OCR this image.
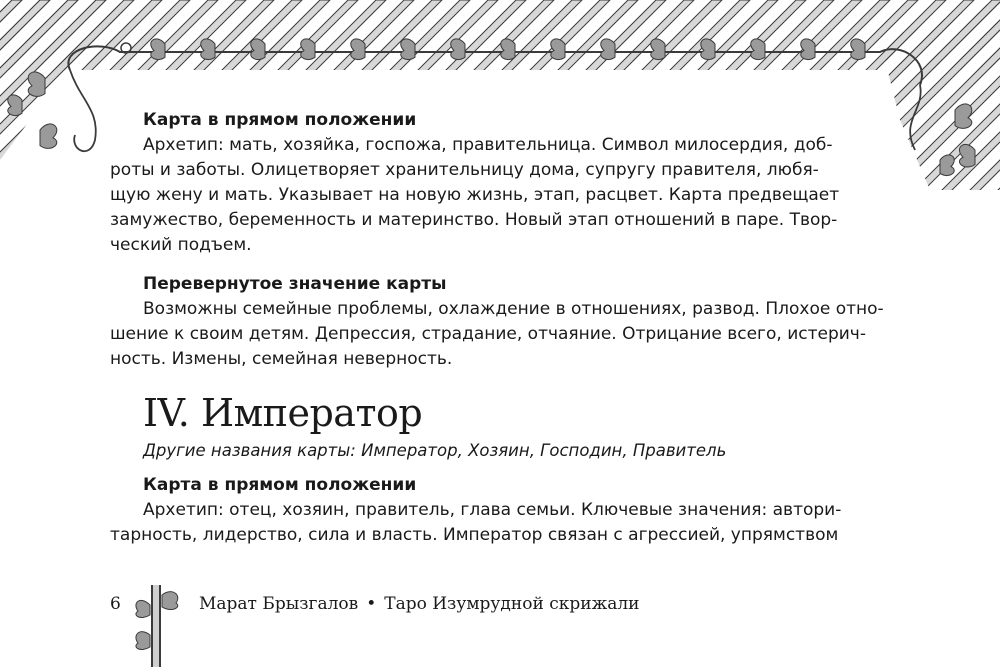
Карта в прямом положении
Архетип: мать, хозяйка, госпожа, правительница. Символ милосердия, доб-
роты и заботы. Олицетворяет хранительницу дома, супругу правителя, любя-
щую жену и мать. Указывает на новую жизнь, этап, расцвет. Карта предвещает
замужество, беременность и материнство. Новый этап отношений в паре. Твор-
ческий подъем.
Перевернутое значение карты
Возможны семейные проблемы, охлаждение в отношениях, развод. Плохое отно-
шение к своим детям. Депрессия, страдание, отчаяние. Отрицание всего, истерич-
ность. Измены, семейная неверность.
IV. Император
Другие названия карты: Император, Хозяин, Господин, Правитель
Карта в прямом положении
Архетип: отец, хозяин, правитель, глава семьи. Ключевые значения: автори-
тарность, лидерство, сила и власть. Император связан с агрессией, упрямством
6	Марат Брызгалов • Таро Изумрудной скрижали
